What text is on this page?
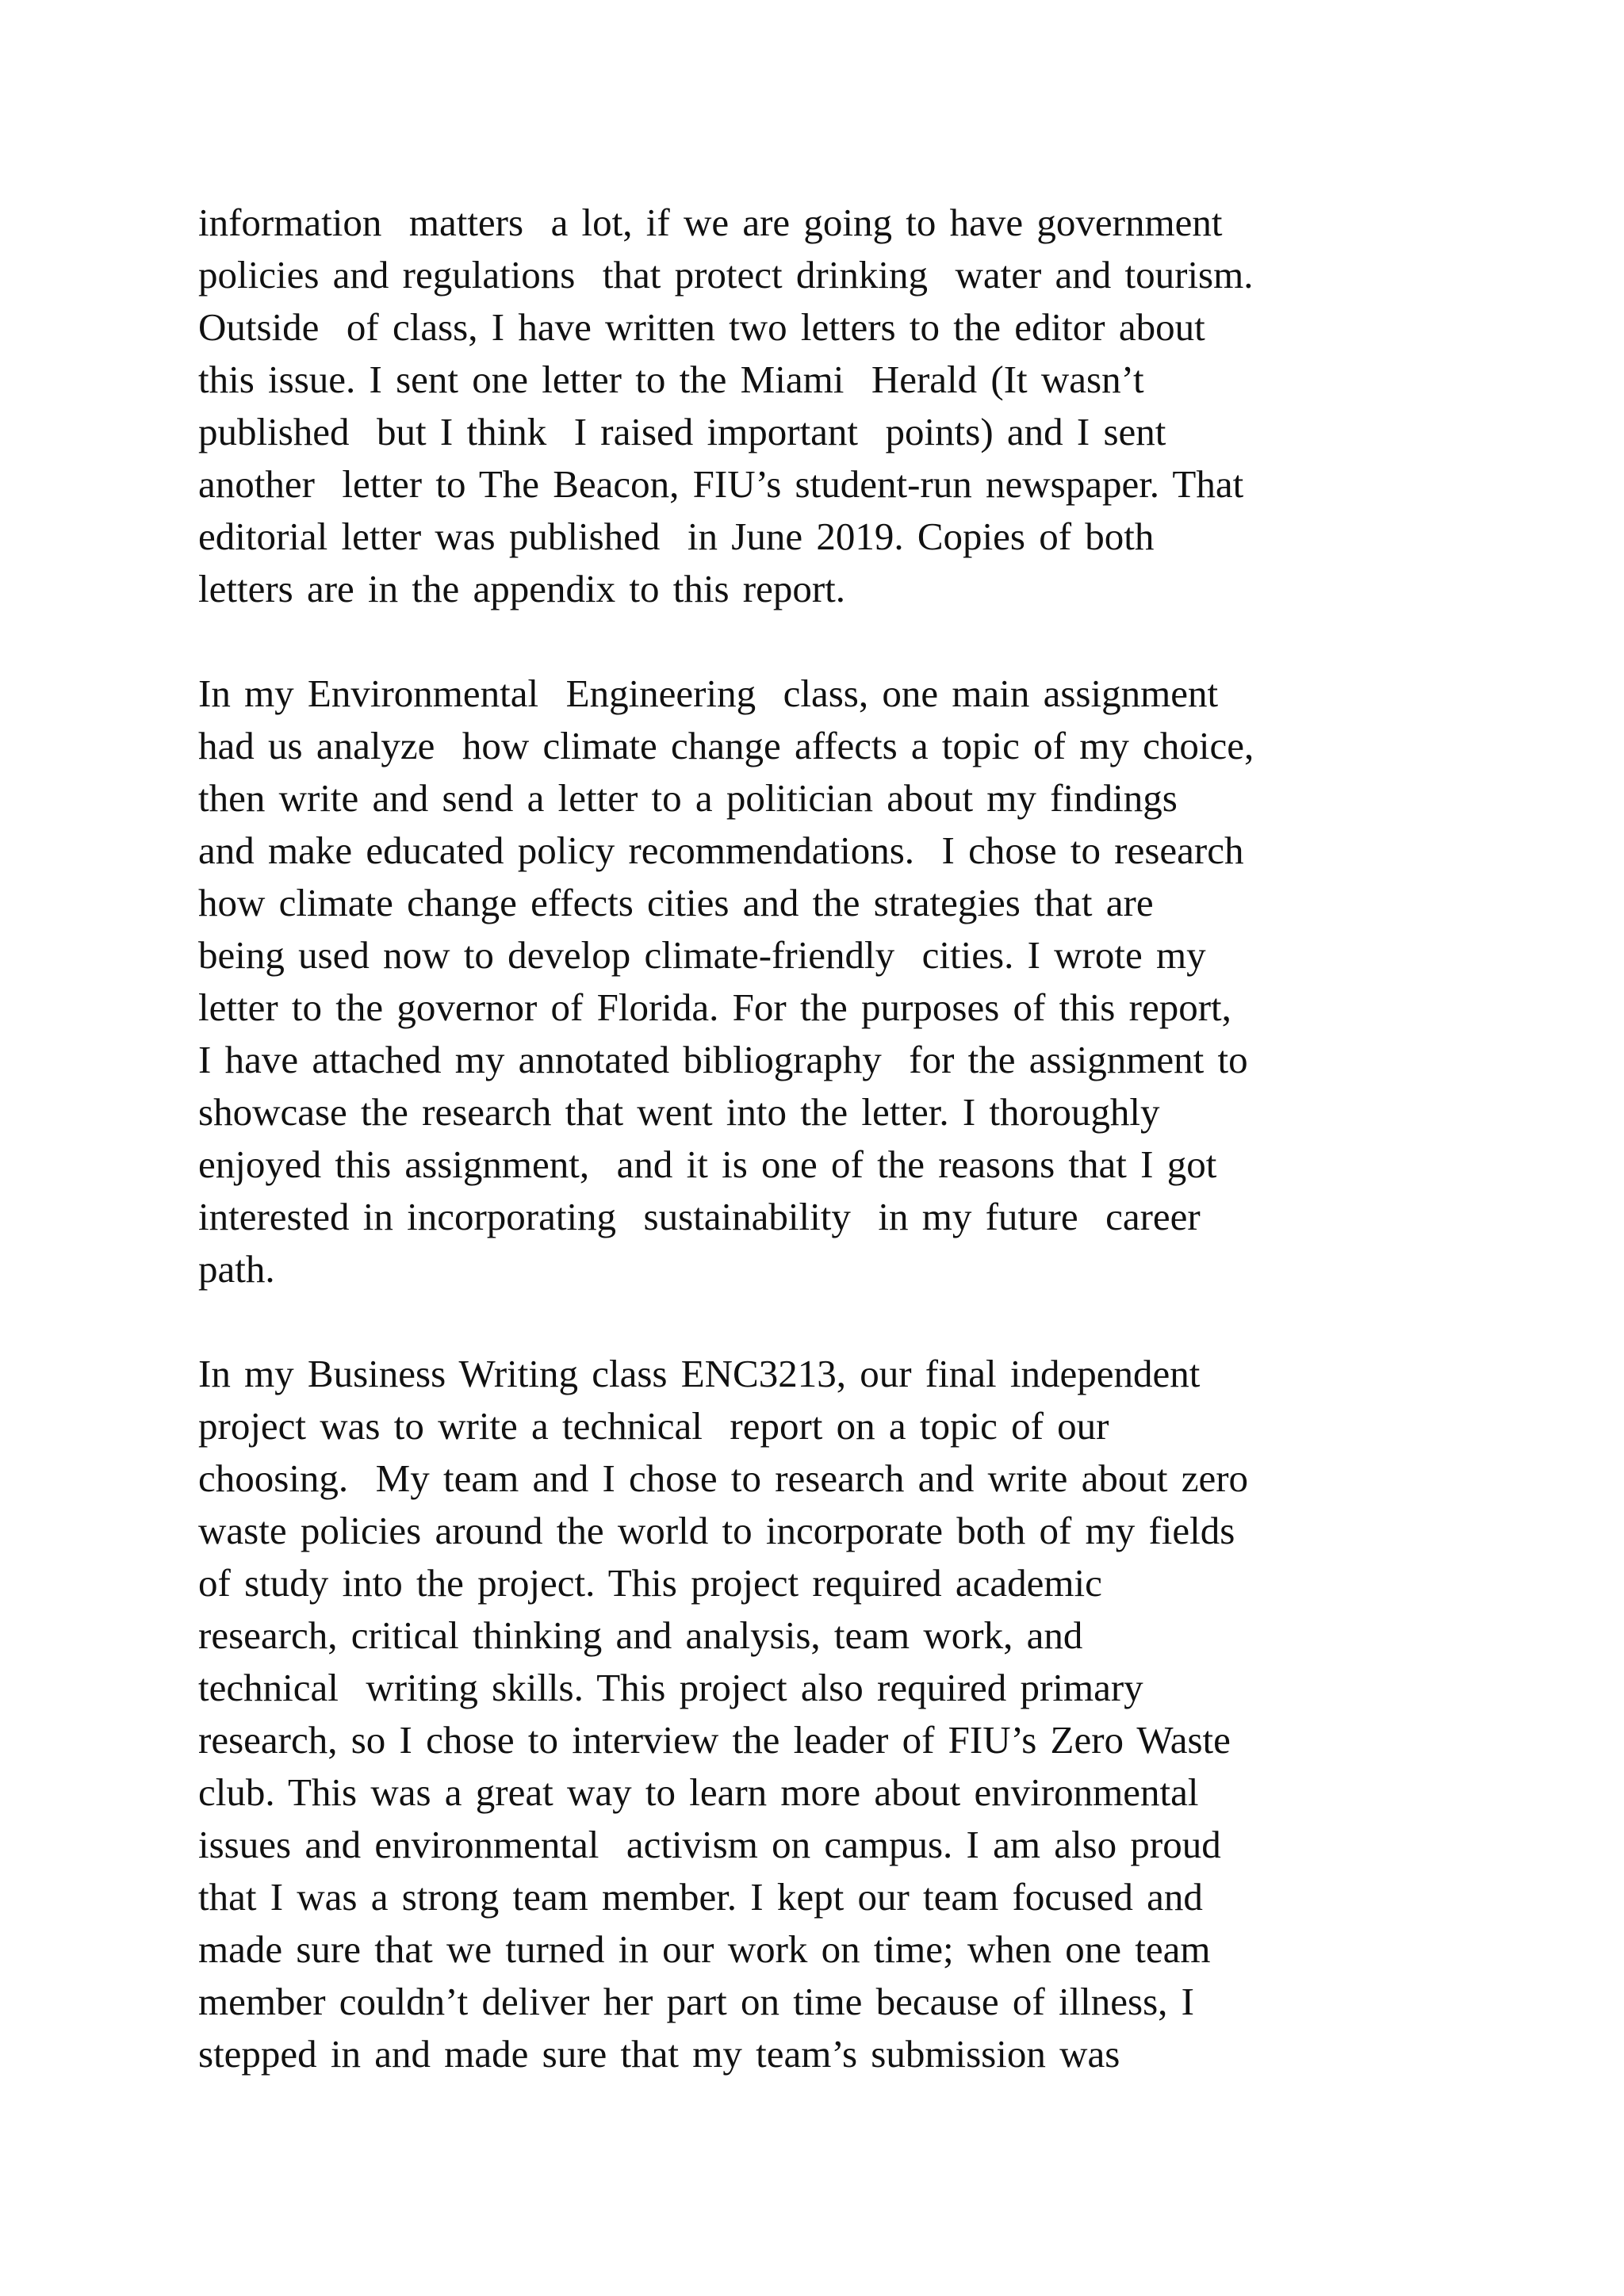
information  matters  a lot, if we are going to have government
policies and regulations  that protect drinking  water and tourism.
Outside  of class, I have written two letters to the editor about
this issue. I sent one letter to the Miami  Herald (It wasn’t
published  but I think  I raised important  points) and I sent
another  letter to The Beacon, FIU’s student-run newspaper. That
editorial letter was published  in June 2019. Copies of both
letters are in the appendix to this report.
In my Environmental  Engineering  class, one main assignment
had us analyze  how climate change affects a topic of my choice,
then write and send a letter to a politician about my findings
and make educated policy recommendations.  I chose to research
how climate change effects cities and the strategies that are
being used now to develop climate-friendly  cities. I wrote my
letter to the governor of Florida. For the purposes of this report,
I have attached my annotated bibliography  for the assignment to
showcase the research that went into the letter. I thoroughly
enjoyed this assignment,  and it is one of the reasons that I got
interested in incorporating  sustainability  in my future  career
path.
In my Business Writing class ENC3213, our final independent
project was to write a technical  report on a topic of our
choosing.  My team and I chose to research and write about zero
waste policies around the world to incorporate both of my fields
of study into the project. This project required academic
research, critical thinking and analysis, team work, and
technical  writing skills. This project also required primary
research, so I chose to interview the leader of FIU’s Zero Waste
club. This was a great way to learn more about environmental
issues and environmental  activism on campus. I am also proud
that I was a strong team member. I kept our team focused and
made sure that we turned in our work on time; when one team
member couldn’t deliver her part on time because of illness, I
stepped in and made sure that my team’s submission was
